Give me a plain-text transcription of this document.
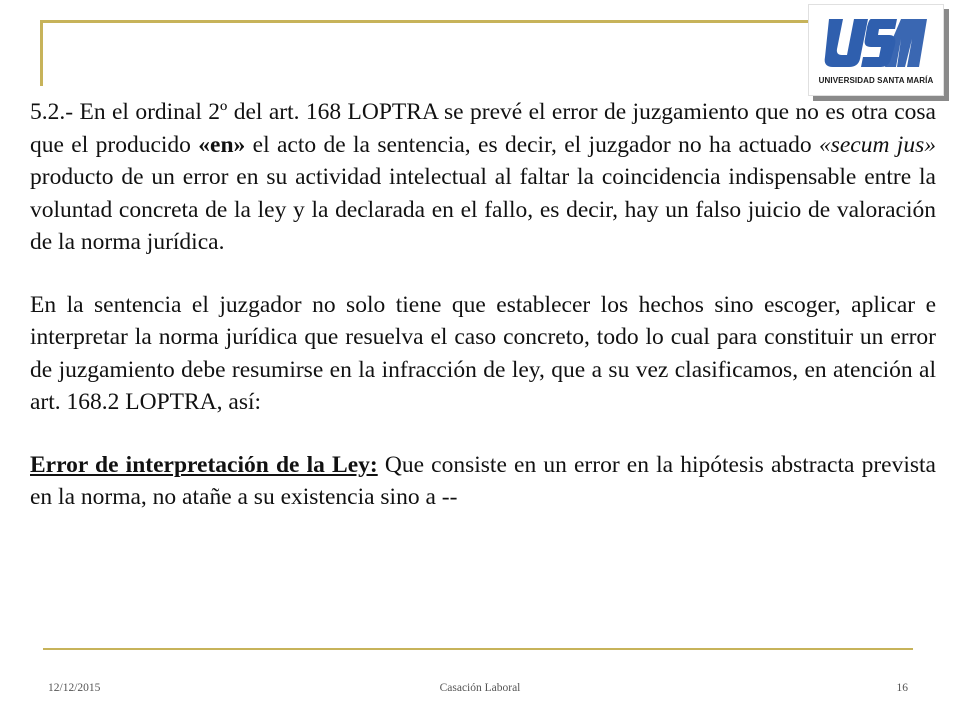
UNIVERSIDAD SANTA MARÍA

5.2.- En el ordinal 2º del art. 168 LOPTRA se prevé el error de juzgamiento que no es otra cosa que el producido «en» el acto de la sentencia, es decir, el juzgador no ha actuado «secum jus» producto de un error en su actividad intelectual al faltar la coincidencia indispensable entre la voluntad concreta de la ley y la declarada en el fallo, es decir, hay un falso juicio de valoración de la norma jurídica.

En la sentencia el juzgador no solo tiene que establecer los hechos sino escoger, aplicar e interpretar la norma jurídica que resuelva el caso concreto, todo lo cual para constituir un error de juzgamiento debe resumirse en la infracción de ley, que a su vez clasificamos, en atención al art. 168.2 LOPTRA, así:

Error de interpretación de la Ley: Que consiste en un error en la hipótesis abstracta prevista en la norma, no atañe a su existencia sino a --

12/12/2015	Casación Laboral	16
